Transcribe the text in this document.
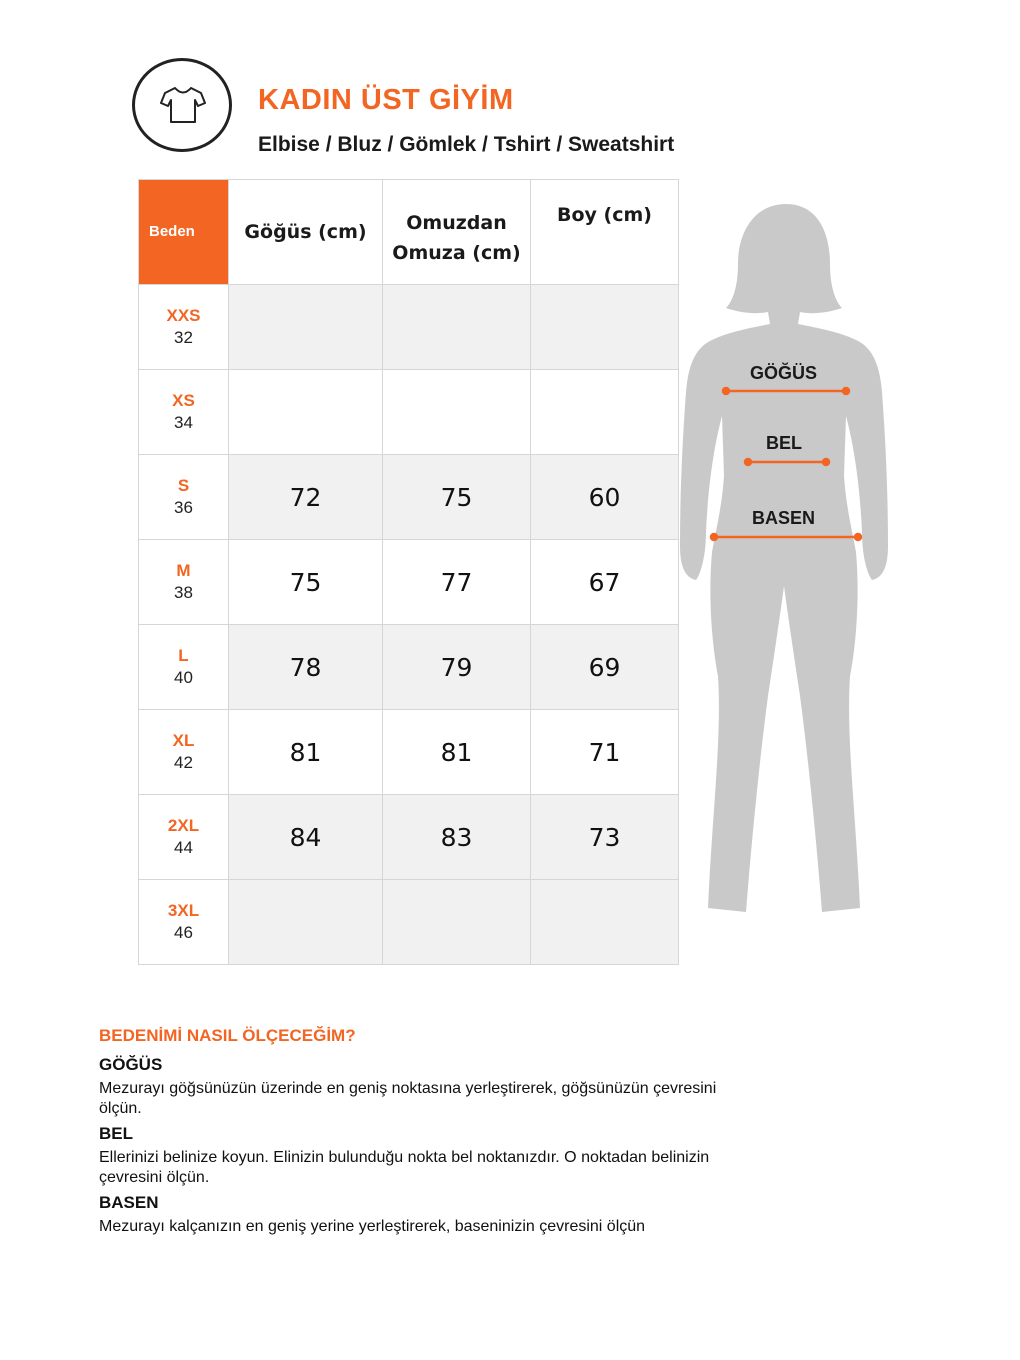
KADIN ÜST GİYİM
Elbise / Bluz / Gömlek / Tshirt / Sweatshirt
Beden	Göğüs (cm)	Omuzdan
Omuza (cm)	Boy (cm)

XXS
32			

XS
34			

S
36	72	75	60

M
38	75	77	67

L
40	78	79	69

XL
42	81	81	71

2XL
44	84	83	73

3XL
46			

GÖĞÜS
BEL
BASEN
BEDENİMİ NASIL ÖLÇECEĞİM?
GÖĞÜS
Mezurayı göğsünüzün üzerinde en geniş noktasına yerleştirerek, göğsünüzün çevresini ölçün.
BEL
Ellerinizi belinize koyun. Elinizin bulunduğu nokta bel noktanızdır. O noktadan belinizin çevresini ölçün.
BASEN
Mezurayı kalçanızın en geniş yerine yerleştirerek, baseninizin çevresini ölçün
